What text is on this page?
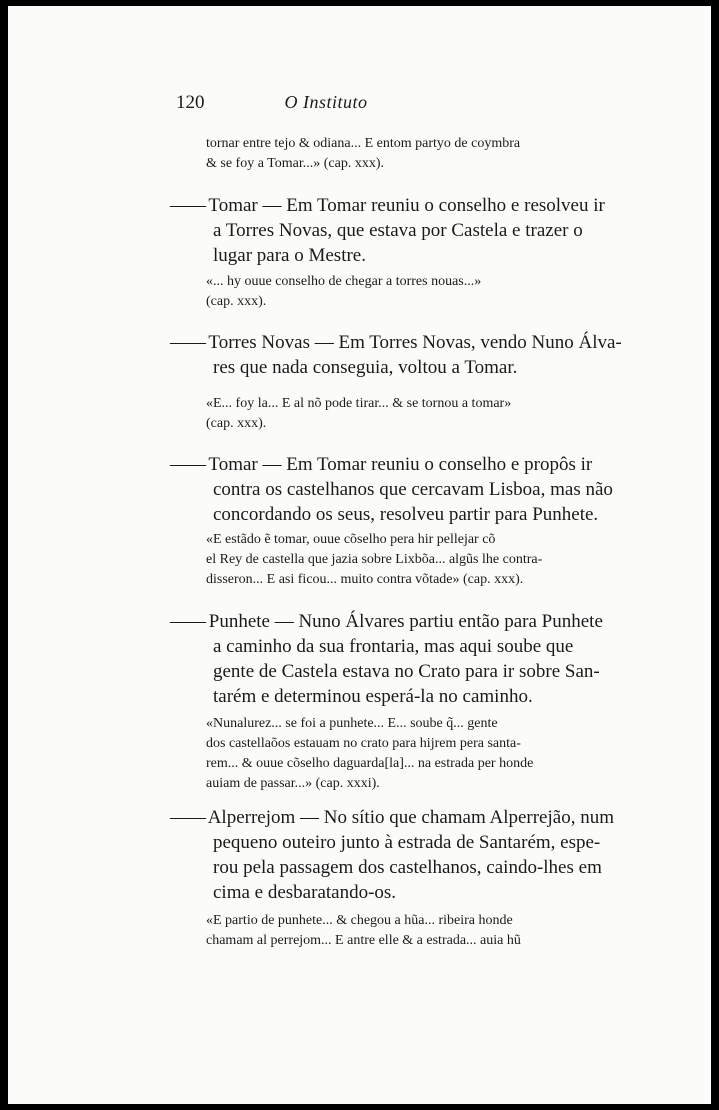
120	O Instituto
tornar entre tejo & odiana... E entom partyo de coymbra
& se foy a Tomar...» (cap. xxx).
—— Tomar — Em Tomar reuniu o conselho e resolveu ir
a Torres Novas, que estava por Castela e trazer o
lugar para o Mestre.
«... hy ouue conselho de chegar a torres nouas...»
(cap. xxx).
—— Torres Novas — Em Torres Novas, vendo Nuno Álva-
res que nada conseguia, voltou a Tomar.
«E... foy la... E al nõ pode tirar... & se tornou a tomar»
(cap. xxx).
—— Tomar — Em Tomar reuniu o conselho e propôs ir
contra os castelhanos que cercavam Lisboa, mas não
concordando os seus, resolveu partir para Punhete.
«E estãdo ẽ tomar, ouue cõselho pera hir pellejar cõ
el Rey de castella que jazia sobre Lixbõa... algũs lhe contra-
disseron... E asi ficou... muito contra võtade» (cap. xxx).
—— Punhete — Nuno Álvares partiu então para Punhete
a caminho da sua frontaria, mas aqui soube que
gente de Castela estava no Crato para ir sobre San-
tarém e determinou esperá-la no caminho.
«Nunalurez... se foi a punhete... E... soube q̃... gente
dos castellaõos estauam no crato para hijrem pera santa-
rem... & ouue cõselho daguarda[la]... na estrada per honde
auiam de passar...» (cap. xxxi).
—— Alperrejom — No sítio que chamam Alperrejão, num
pequeno outeiro junto à estrada de Santarém, espe-
rou pela passagem dos castelhanos, caindo-lhes em
cima e desbaratando-os.
«E partio de punhete... & chegou a hũa... ribeira honde
chamam al perrejom... E antre elle & a estrada... auia hũ
